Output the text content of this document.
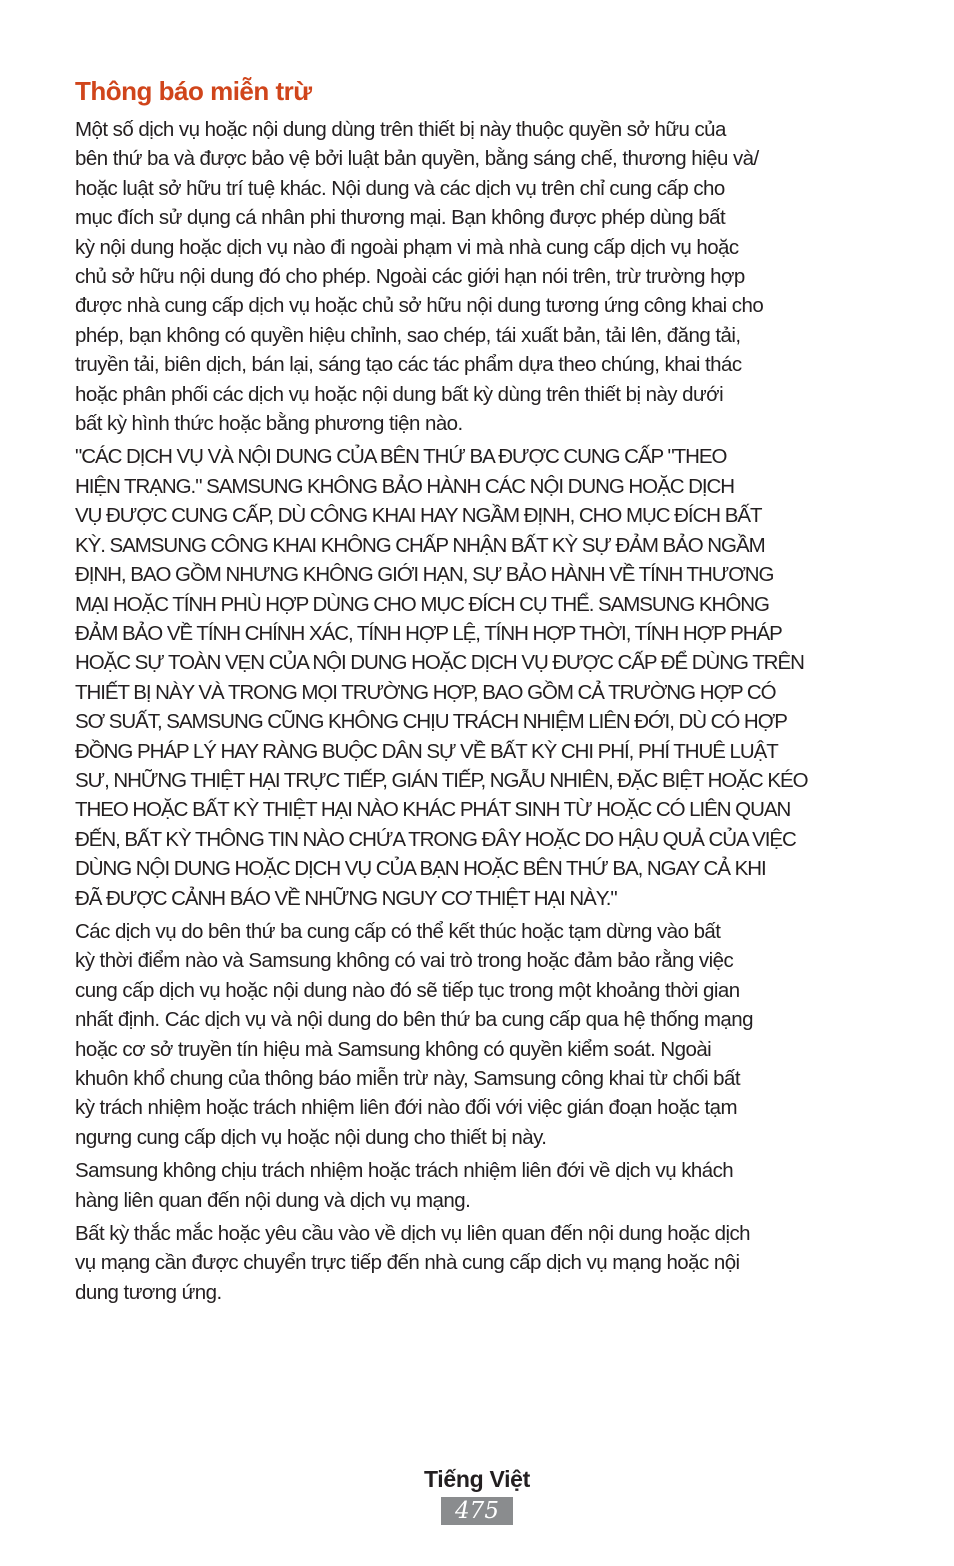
Thông báo miễn trừ

Một số dịch vụ hoặc nội dung dùng trên thiết bị này thuộc quyền sở hữu của
bên thứ ba và được bảo vệ bởi luật bản quyền, bằng sáng chế, thương hiệu và/
hoặc luật sở hữu trí tuệ khác. Nội dung và các dịch vụ trên chỉ cung cấp cho
mục đích sử dụng cá nhân phi thương mại. Bạn không được phép dùng bất
kỳ nội dung hoặc dịch vụ nào đi ngoài phạm vi mà nhà cung cấp dịch vụ hoặc
chủ sở hữu nội dung đó cho phép. Ngoài các giới hạn nói trên, trừ trường hợp
được nhà cung cấp dịch vụ hoặc chủ sở hữu nội dung tương ứng công khai cho
phép, bạn không có quyền hiệu chỉnh, sao chép, tái xuất bản, tải lên, đăng tải,
truyền tải, biên dịch, bán lại, sáng tạo các tác phẩm dựa theo chúng, khai thác
hoặc phân phối các dịch vụ hoặc nội dung bất kỳ dùng trên thiết bị này dưới
bất kỳ hình thức hoặc bằng phương tiện nào.

"CÁC DỊCH VỤ VÀ NỘI DUNG CỦA BÊN THỨ BA ĐƯỢC CUNG CẤP "THEO
HIỆN TRẠNG." SAMSUNG KHÔNG BẢO HÀNH CÁC NỘI DUNG HOẶC DỊCH
VỤ ĐƯỢC CUNG CẤP, DÙ CÔNG KHAI HAY NGẦM ĐỊNH, CHO MỤC ĐÍCH BẤT
KỲ. SAMSUNG CÔNG KHAI KHÔNG CHẤP NHẬN BẤT KỲ SỰ ĐẢM BẢO NGẦM
ĐỊNH, BAO GỒM NHƯNG KHÔNG GIỚI HẠN, SỰ BẢO HÀNH VỀ TÍNH THƯƠNG
MẠI HOẶC TÍNH PHÙ HỢP DÙNG CHO MỤC ĐÍCH CỤ THỂ. SAMSUNG KHÔNG
ĐẢM BẢO VỀ TÍNH CHÍNH XÁC, TÍNH HỢP LỆ, TÍNH HỢP THỜI, TÍNH HỢP PHÁP
HOẶC SỰ TOÀN VẸN CỦA NỘI DUNG HOẶC DỊCH VỤ ĐƯỢC CẤP ĐỂ DÙNG TRÊN
THIẾT BỊ NÀY VÀ TRONG MỌI TRƯỜNG HỢP, BAO GỒM CẢ TRƯỜNG HỢP CÓ
SƠ SUẤT, SAMSUNG CŨNG KHÔNG CHỊU TRÁCH NHIỆM LIÊN ĐỚI, DÙ CÓ HỢP
ĐỒNG PHÁP LÝ HAY RÀNG BUỘC DÂN SỰ VỀ BẤT KỲ CHI PHÍ, PHÍ THUÊ LUẬT
SƯ, NHỮNG THIỆT HẠI TRỰC TIẾP, GIÁN TIẾP, NGẪU NHIÊN, ĐẶC BIỆT HOẶC KÉO
THEO HOẶC BẤT KỲ THIỆT HẠI NÀO KHÁC PHÁT SINH TỪ HOẶC CÓ LIÊN QUAN
ĐẾN, BẤT KỲ THÔNG TIN NÀO CHỨA TRONG ĐÂY HOẶC DO HẬU QUẢ CỦA VIỆC
DÙNG NỘI DUNG HOẶC DỊCH VỤ CỦA BẠN HOẶC BÊN THỨ BA, NGAY CẢ KHI
ĐÃ ĐƯỢC CẢNH BÁO VỀ NHỮNG NGUY CƠ THIỆT HẠI NÀY."

Các dịch vụ do bên thứ ba cung cấp có thể kết thúc hoặc tạm dừng vào bất
kỳ thời điểm nào và Samsung không có vai trò trong hoặc đảm bảo rằng việc
cung cấp dịch vụ hoặc nội dung nào đó sẽ tiếp tục trong một khoảng thời gian
nhất định. Các dịch vụ và nội dung do bên thứ ba cung cấp qua hệ thống mạng
hoặc cơ sở truyền tín hiệu mà Samsung không có quyền kiểm soát. Ngoài
khuôn khổ chung của thông báo miễn trừ này, Samsung công khai từ chối bất
kỳ trách nhiệm hoặc trách nhiệm liên đới nào đối với việc gián đoạn hoặc tạm
ngưng cung cấp dịch vụ hoặc nội dung cho thiết bị này.

Samsung không chịu trách nhiệm hoặc trách nhiệm liên đới về dịch vụ khách
hàng liên quan đến nội dung và dịch vụ mạng.

Bất kỳ thắc mắc hoặc yêu cầu vào về dịch vụ liên quan đến nội dung hoặc dịch
vụ mạng cần được chuyển trực tiếp đến nhà cung cấp dịch vụ mạng hoặc nội
dung tương ứng.

Tiếng Việt
475
